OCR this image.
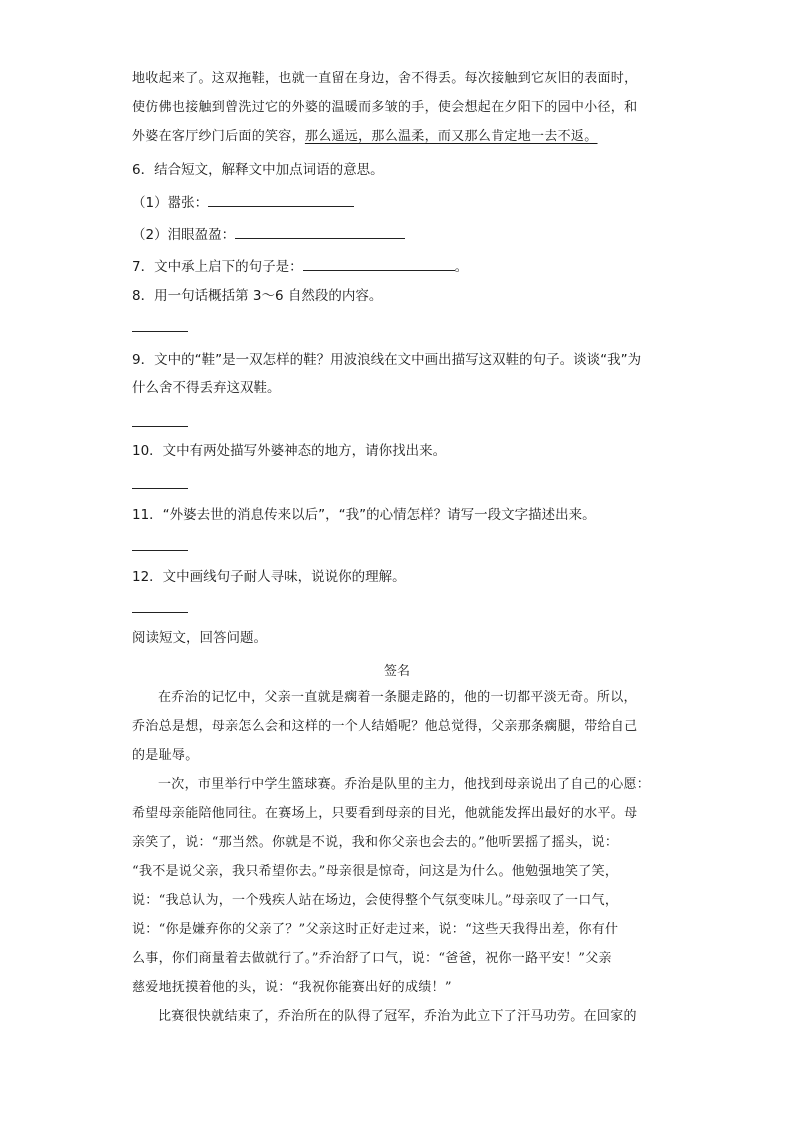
地收起来了。这双拖鞋，也就一直留在身边，舍不得丢。每次接触到它灰旧的表面时，

使仿佛也接触到曾洗过它的外婆的温暖而多皱的手，使会想起在夕阳下的园中小径，和

外婆在客厅纱门后面的笑容，那么遥远，那么温柔，而又那么肯定地一去不返。

6．结合短文，解释文中加点词语的意思。
（1）嚣张：
（2）泪眼盈盈：
7．文中承上启下的句子是：	。
8．用一句话概括第 3～6 自然段的内容。
9．文中的“鞋”是一双怎样的鞋？用波浪线在文中画出描写这双鞋的句子。谈谈“我”为
什么舍不得丢弃这双鞋。
10．文中有两处描写外婆神态的地方，请你找出来。
11．“外婆去世的消息传来以后”，“我”的心情怎样？请写一段文字描述出来。
12．文中画线句子耐人寻味，说说你的理解。
阅读短文，回答问题。
签名

在乔治的记忆中，父亲一直就是瘸着一条腿走路的，他的一切都平淡无奇。所以，

乔治总是想，母亲怎么会和这样的一个人结婚呢？他总觉得，父亲那条瘸腿，带给自己

的是耻辱。

一次，市里举行中学生篮球赛。乔治是队里的主力，他找到母亲说出了自己的心愿：

希望母亲能陪他同往。在赛场上，只要看到母亲的目光，他就能发挥出最好的水平。母

亲笑了，说：“那当然。你就是不说，我和你父亲也会去的。”他听罢摇了摇头，说：

“我不是说父亲，我只希望你去。”母亲很是惊奇，问这是为什么。他勉强地笑了笑，

说：“我总认为，一个残疾人站在场边，会使得整个气氛变味儿。”母亲叹了一口气，

说：“你是嫌弃你的父亲了？”父亲这时正好走过来，说：“这些天我得出差，你有什

么事，你们商量着去做就行了。”乔治舒了口气，说：“爸爸，祝你一路平安！”父亲

慈爱地抚摸着他的头，说：“我祝你能赛出好的成绩！”

比赛很快就结束了，乔治所在的队得了冠军，乔治为此立下了汗马功劳。在回家的
